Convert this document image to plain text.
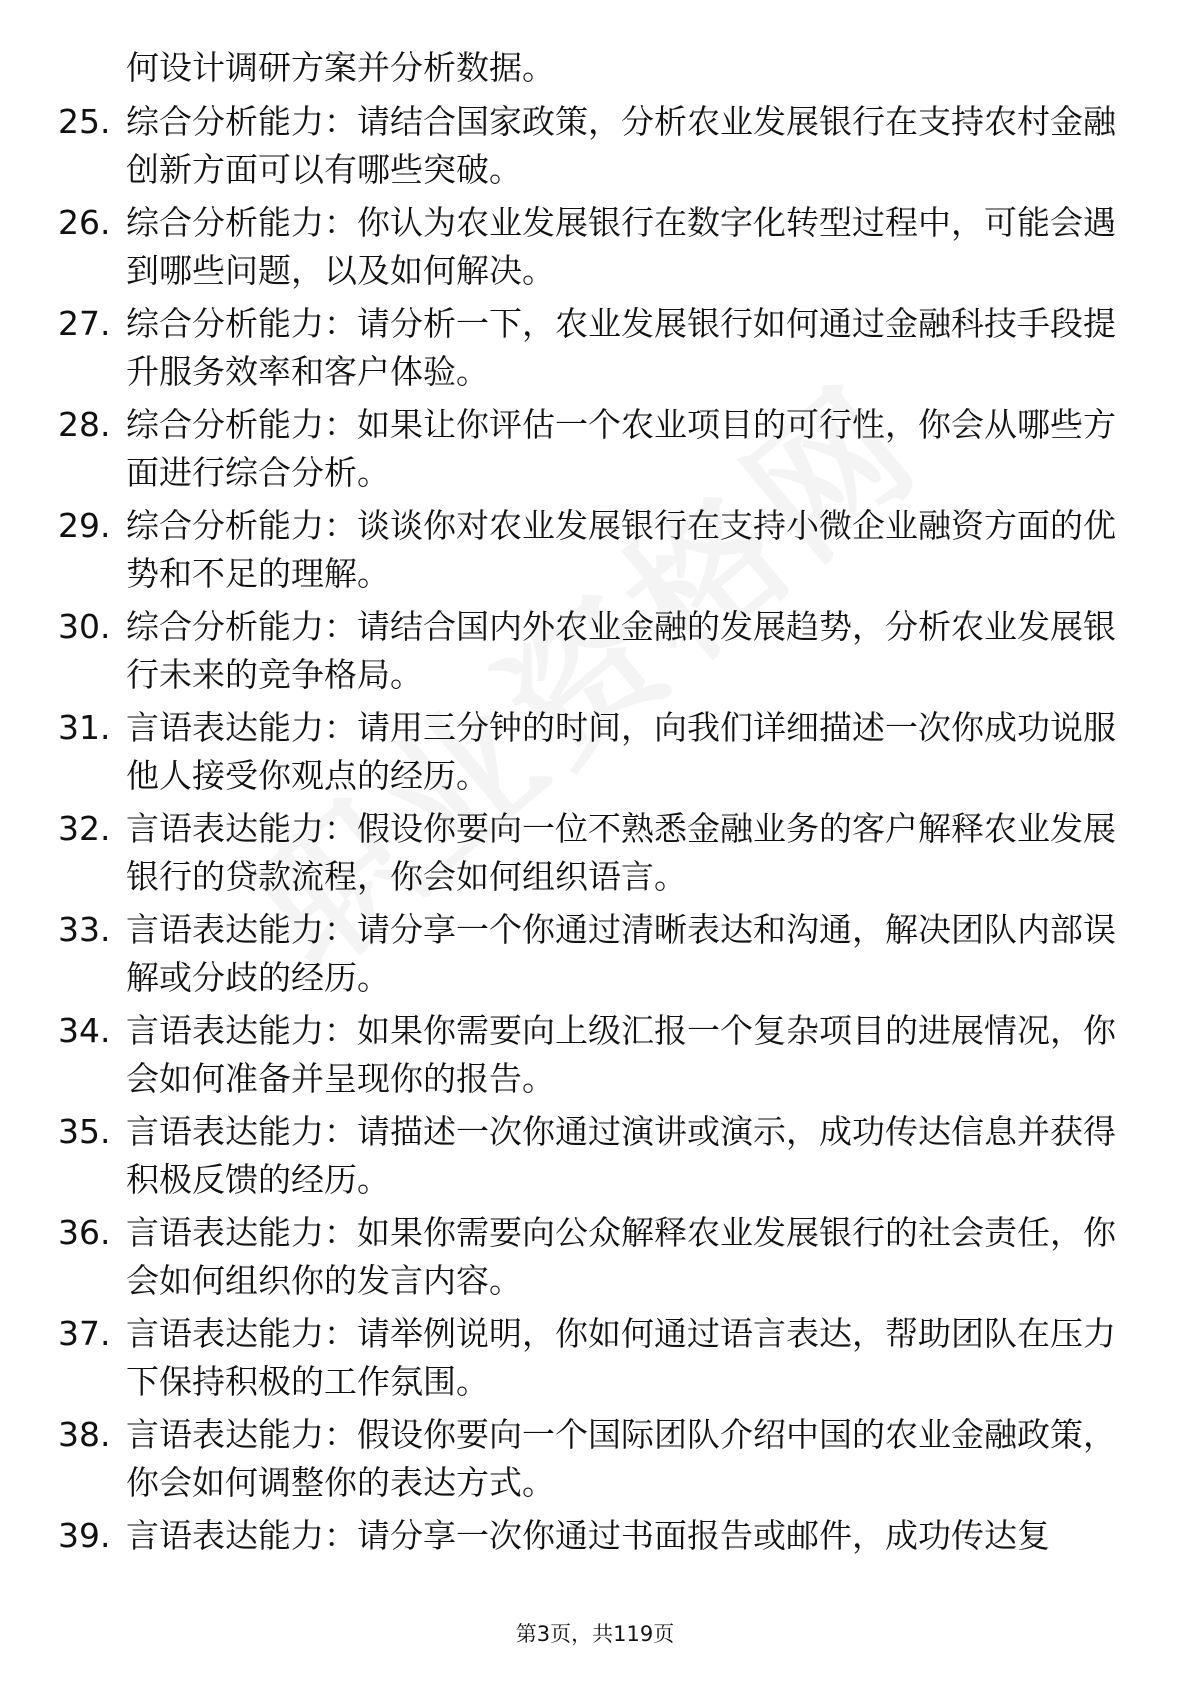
何设计调研方案并分析数据。
25. 综合分析能力：请结合国家政策，分析农业发展银行在支持农村金融创新方面可以有哪些突破。
26. 综合分析能力：你认为农业发展银行在数字化转型过程中，可能会遇到哪些问题，以及如何解决。
27. 综合分析能力：请分析一下，农业发展银行如何通过金融科技手段提升服务效率和客户体验。
28. 综合分析能力：如果让你评估一个农业项目的可行性，你会从哪些方面进行综合分析。
29. 综合分析能力：谈谈你对农业发展银行在支持小微企业融资方面的优势和不足的理解。
30. 综合分析能力：请结合国内外农业金融的发展趋势，分析农业发展银行未来的竞争格局。
31. 言语表达能力：请用三分钟的时间，向我们详细描述一次你成功说服他人接受你观点的经历。
32. 言语表达能力：假设你要向一位不熟悉金融业务的客户解释农业发展银行的贷款流程，你会如何组织语言。
33. 言语表达能力：请分享一个你通过清晰表达和沟通，解决团队内部误解或分歧的经历。
34. 言语表达能力：如果你需要向上级汇报一个复杂项目的进展情况，你会如何准备并呈现你的报告。
35. 言语表达能力：请描述一次你通过演讲或演示，成功传达信息并获得积极反馈的经历。
36. 言语表达能力：如果你需要向公众解释农业发展银行的社会责任，你会如何组织你的发言内容。
37. 言语表达能力：请举例说明，你如何通过语言表达，帮助团队在压力下保持积极的工作氛围。
38. 言语表达能力：假设你要向一个国际团队介绍中国的农业金融政策，你会如何调整你的表达方式。
39. 言语表达能力：请分享一次你通过书面报告或邮件，成功传达复
第3页，共119页
